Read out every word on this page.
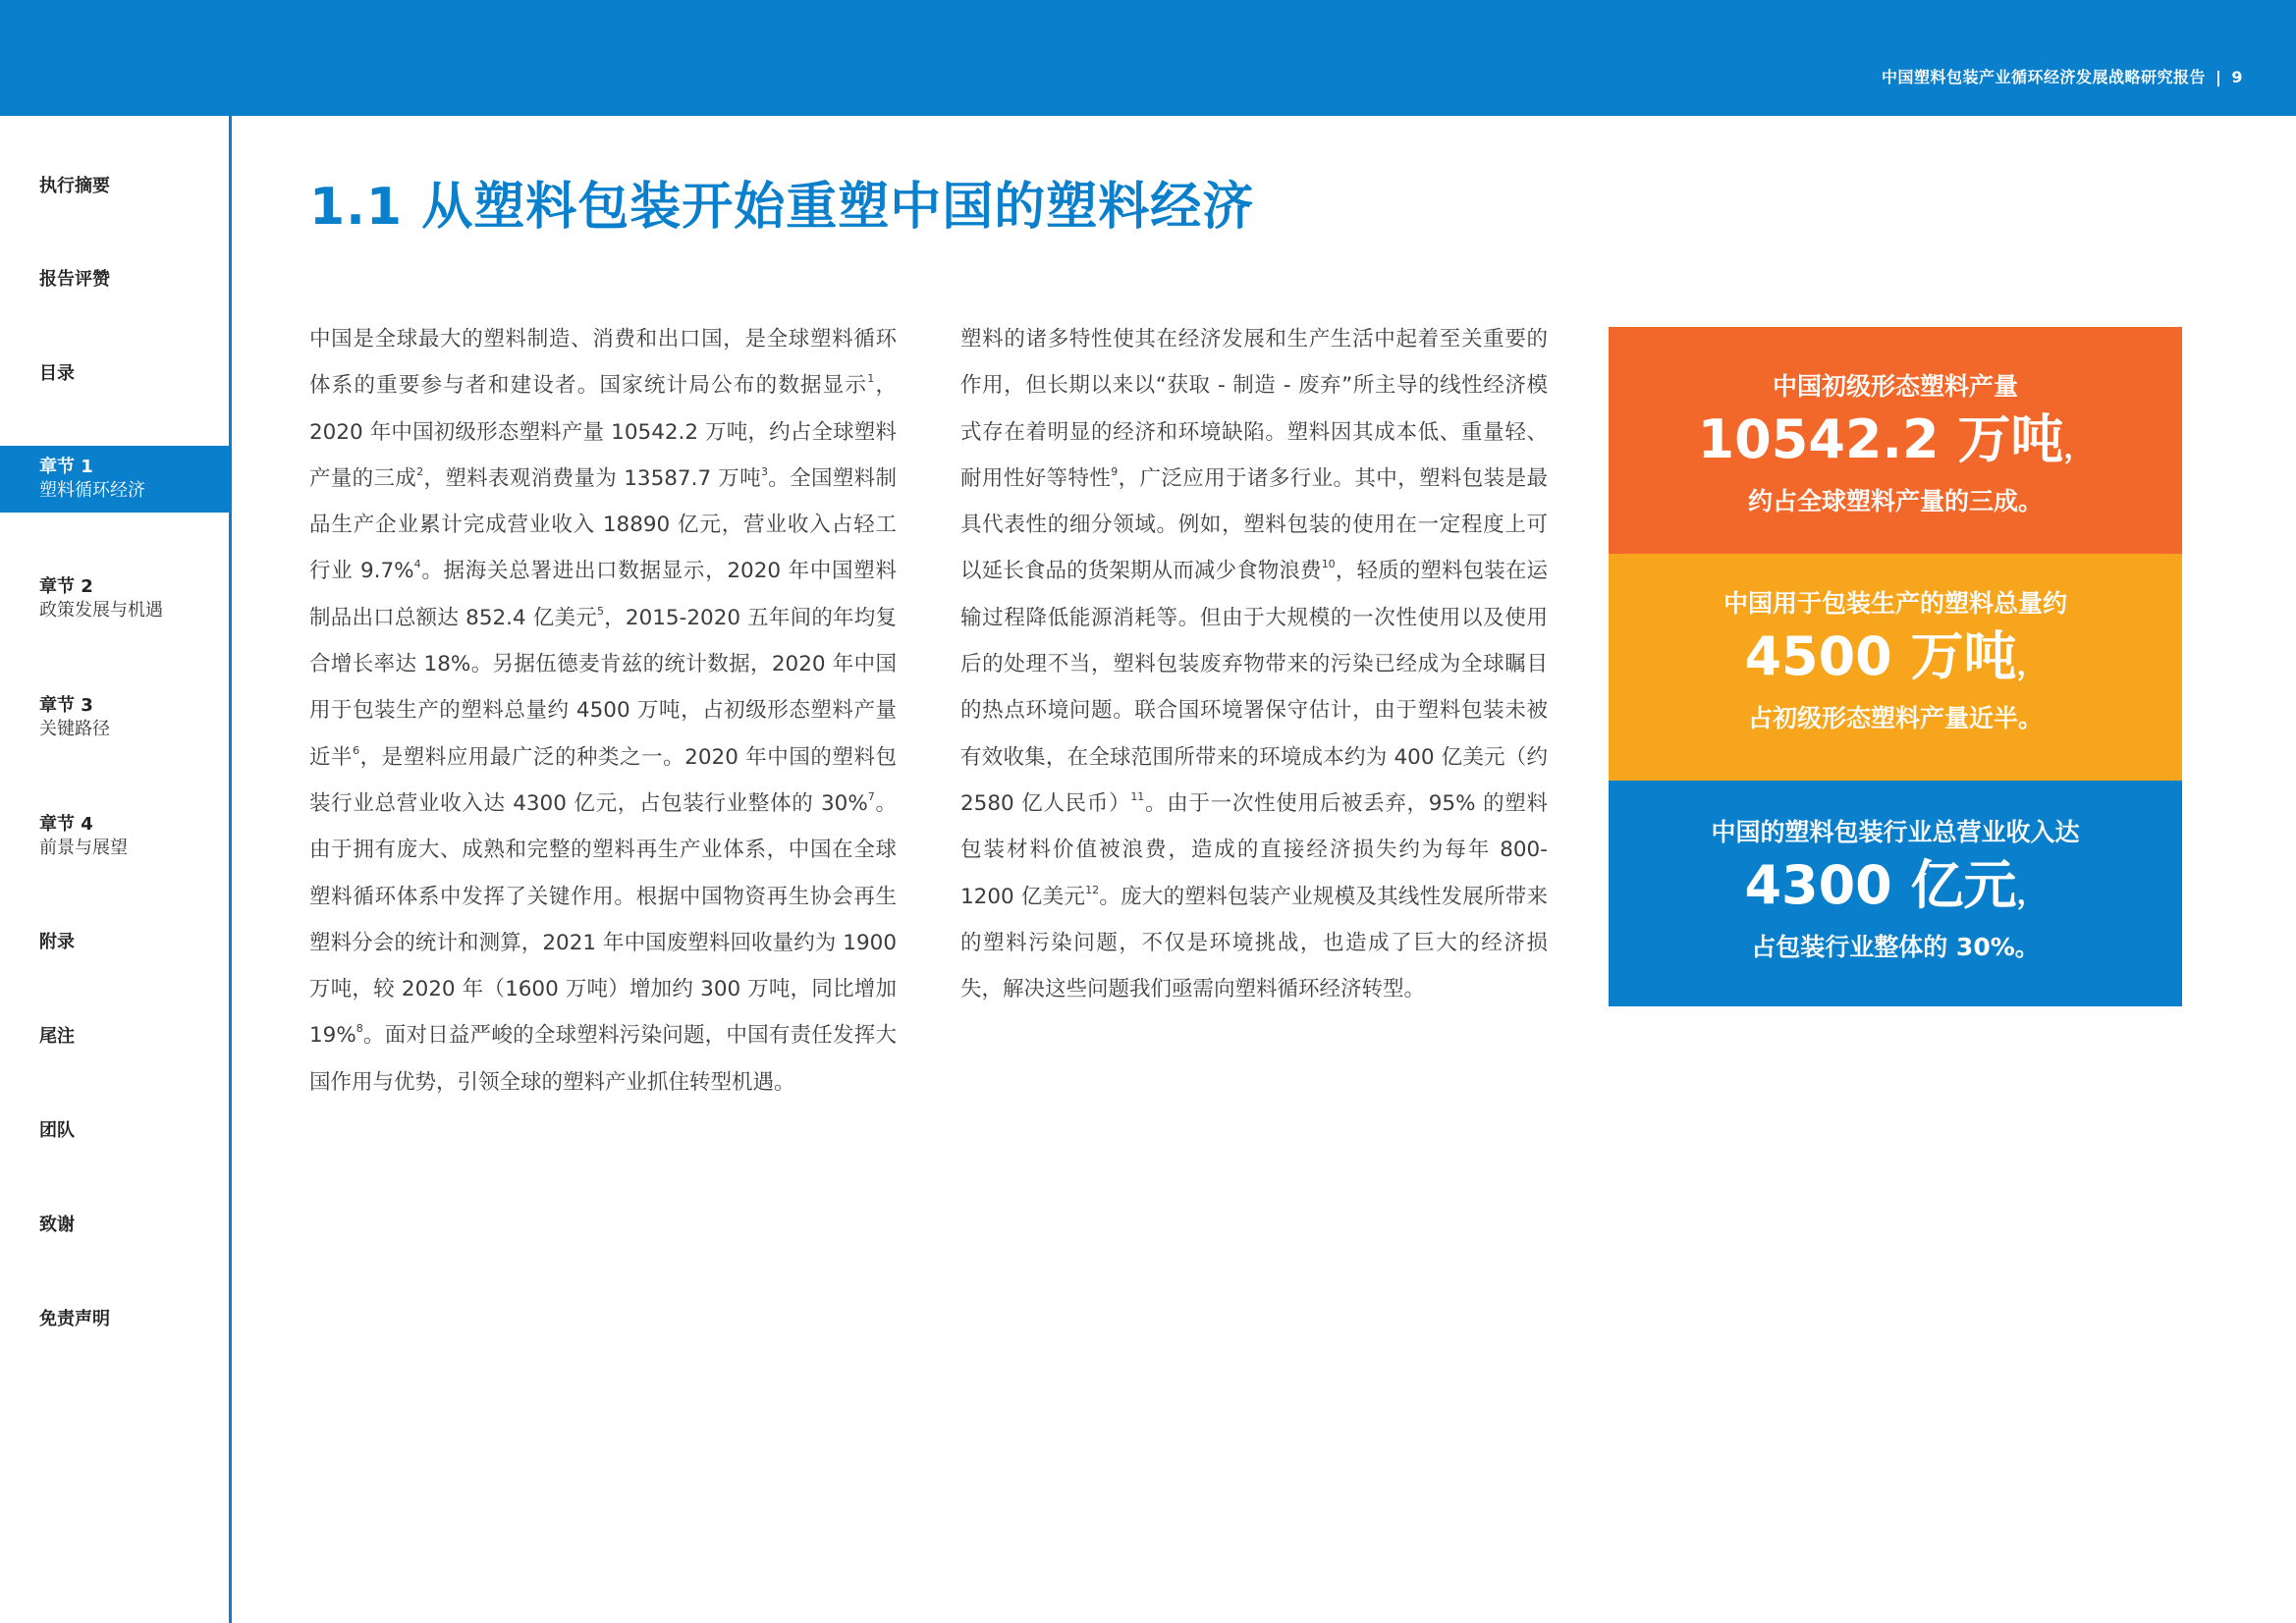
中国塑料包装产业循环经济发展战略研究报告 | 9
执行摘要
报告评赞
目录
章节 1
塑料循环经济
章节 2
政策发展与机遇
章节 3
关键路径
章节 4
前景与展望
附录
尾注
团队
致谢
免责声明
1.1 从塑料包装开始重塑中国的塑料经济

中国是全球最大的塑料制造、消费和出口国，是全球塑料循环体系的重要参与者和建设者。国家统计局公布的数据显示$^1$，2020 年中国初级形态塑料产量 10542.2 万吨，约占全球塑料产量的三成$^2$，塑料表观消费量为 13587.7 万吨$^3$。全国塑料制品生产企业累计完成营业收入 18890 亿元，营业收入占轻工行业 9.7%$^4$。据海关总署进出口数据显示，2020 年中国塑料制品出口总额达 852.4 亿美元$^5$，2015-2020 五年间的年均复合增长率达 18%。另据伍德麦肯兹的统计数据，2020 年中国用于包装生产的塑料总量约 4500 万吨，占初级形态塑料产量近半$^6$，是塑料应用最广泛的种类之一。2020 年中国的塑料包装行业总营业收入达 4300 亿元，占包装行业整体的 30%$^7$。由于拥有庞大、成熟和完整的塑料再生产业体系，中国在全球塑料循环体系中发挥了关键作用。根据中国物资再生协会再生塑料分会的统计和测算，2021 年中国废塑料回收量约为 1900 万吨，较 2020 年（1600 万吨）增加约 300 万吨，同比增加 19%$^8$。面对日益严峻的全球塑料污染问题，中国有责任发挥大国作用与优势，引领全球的塑料产业抓住转型机遇。

塑料的诸多特性使其在经济发展和生产生活中起着至关重要的作用，但长期以来以“获取 - 制造 - 废弃”所主导的线性经济模式存在着明显的经济和环境缺陷。塑料因其成本低、重量轻、耐用性好等特性$^9$，广泛应用于诸多行业。其中，塑料包装是最具代表性的细分领域。例如，塑料包装的使用在一定程度上可以延长食品的货架期从而减少食物浪费$^{10}$，轻质的塑料包装在运输过程降低能源消耗等。但由于大规模的一次性使用以及使用后的处理不当，塑料包装废弃物带来的污染已经成为全球瞩目的热点环境问题。联合国环境署保守估计，由于塑料包装未被有效收集，在全球范围所带来的环境成本约为 400 亿美元（约 2580 亿人民币）$^{11}$。由于一次性使用后被丢弃，95% 的塑料包装材料价值被浪费，造成的直接经济损失约为每年 800-1200 亿美元$^{12}$。庞大的塑料包装产业规模及其线性发展所带来的塑料污染问题，不仅是环境挑战，也造成了巨大的经济损失，解决这些问题我们亟需向塑料循环经济转型。

中国初级形态塑料产量
10542.2 万吨，
约占全球塑料产量的三成。
中国用于包装生产的塑料总量约
4500 万吨，
占初级形态塑料产量近半。
中国的塑料包装行业总营业收入达
4300 亿元，
占包装行业整体的 30%。
